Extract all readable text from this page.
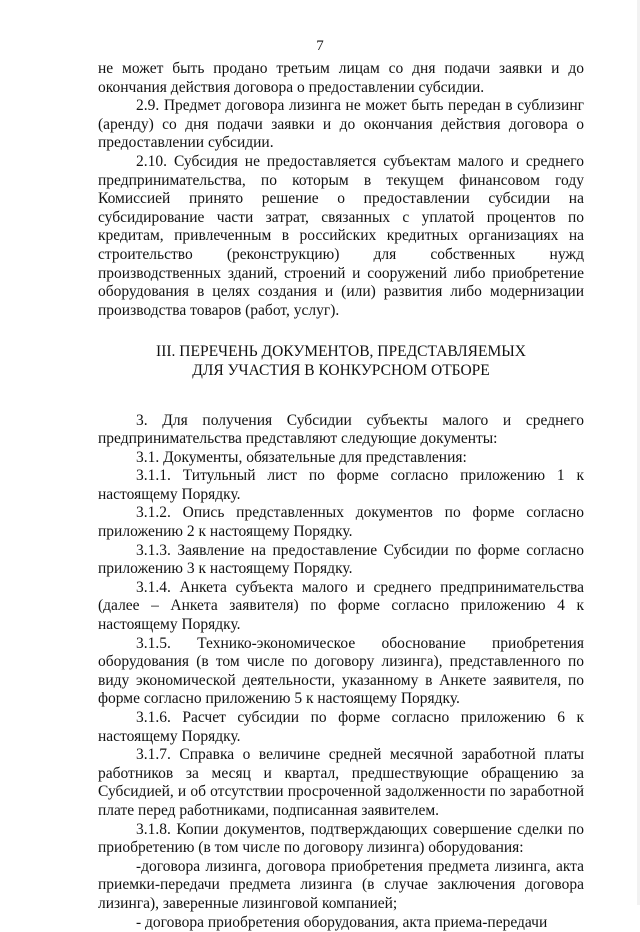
7

не может быть продано третьим лицам со дня подачи заявки и до окончания действия договора о предоставлении субсидии.

2.9. Предмет договора лизинга не может быть передан в сублизинг (аренду) со дня подачи заявки и до окончания действия договора о предоставлении субсидии.

2.10. Субсидия не предоставляется субъектам малого и среднего предпринимательства, по которым в текущем финансовом году Комиссией принято решение о предоставлении субсидии на субсидирование части затрат, связанных с уплатой процентов по кредитам, привлеченным в российских кредитных организациях на строительство (реконструкцию) для собственных нужд производственных зданий, строений и сооружений либо приобретение оборудования в целях создания и (или) развития либо модернизации производства товаров (работ, услуг).

III. ПЕРЕЧЕНЬ ДОКУМЕНТОВ, ПРЕДСТАВЛЯЕМЫХ
ДЛЯ УЧАСТИЯ В КОНКУРСНОМ ОТБОРЕ

3. Для получения Субсидии субъекты малого и среднего предпринимательства представляют следующие документы:

3.1. Документы, обязательные для представления:

3.1.1. Титульный лист по форме согласно приложению 1 к настоящему Порядку.

3.1.2. Опись представленных документов по форме согласно приложению 2 к настоящему Порядку.

3.1.3. Заявление на предоставление Субсидии по форме согласно приложению 3 к настоящему Порядку.

3.1.4. Анкета субъекта малого и среднего предпринимательства (далее – Анкета заявителя) по форме согласно приложению 4 к настоящему Порядку.

3.1.5. Технико-экономическое обоснование приобретения оборудования (в том числе по договору лизинга), представленного по виду экономической деятельности, указанному в Анкете заявителя, по форме согласно приложению 5 к настоящему Порядку.

3.1.6. Расчет субсидии по форме согласно приложению 6 к настоящему Порядку.

3.1.7. Справка о величине средней месячной заработной платы работников за месяц и квартал, предшествующие обращению за Субсидией, и об отсутствии просроченной задолженности по заработной плате перед работниками, подписанная заявителем.

3.1.8. Копии документов, подтверждающих совершение сделки по приобретению (в том числе по договору лизинга) оборудования:

-договора лизинга, договора приобретения предмета лизинга, акта приемки-передачи предмета лизинга (в случае заключения договора лизинга), заверенные лизинговой компанией;

- договора приобретения оборудования, акта приема-передачи
